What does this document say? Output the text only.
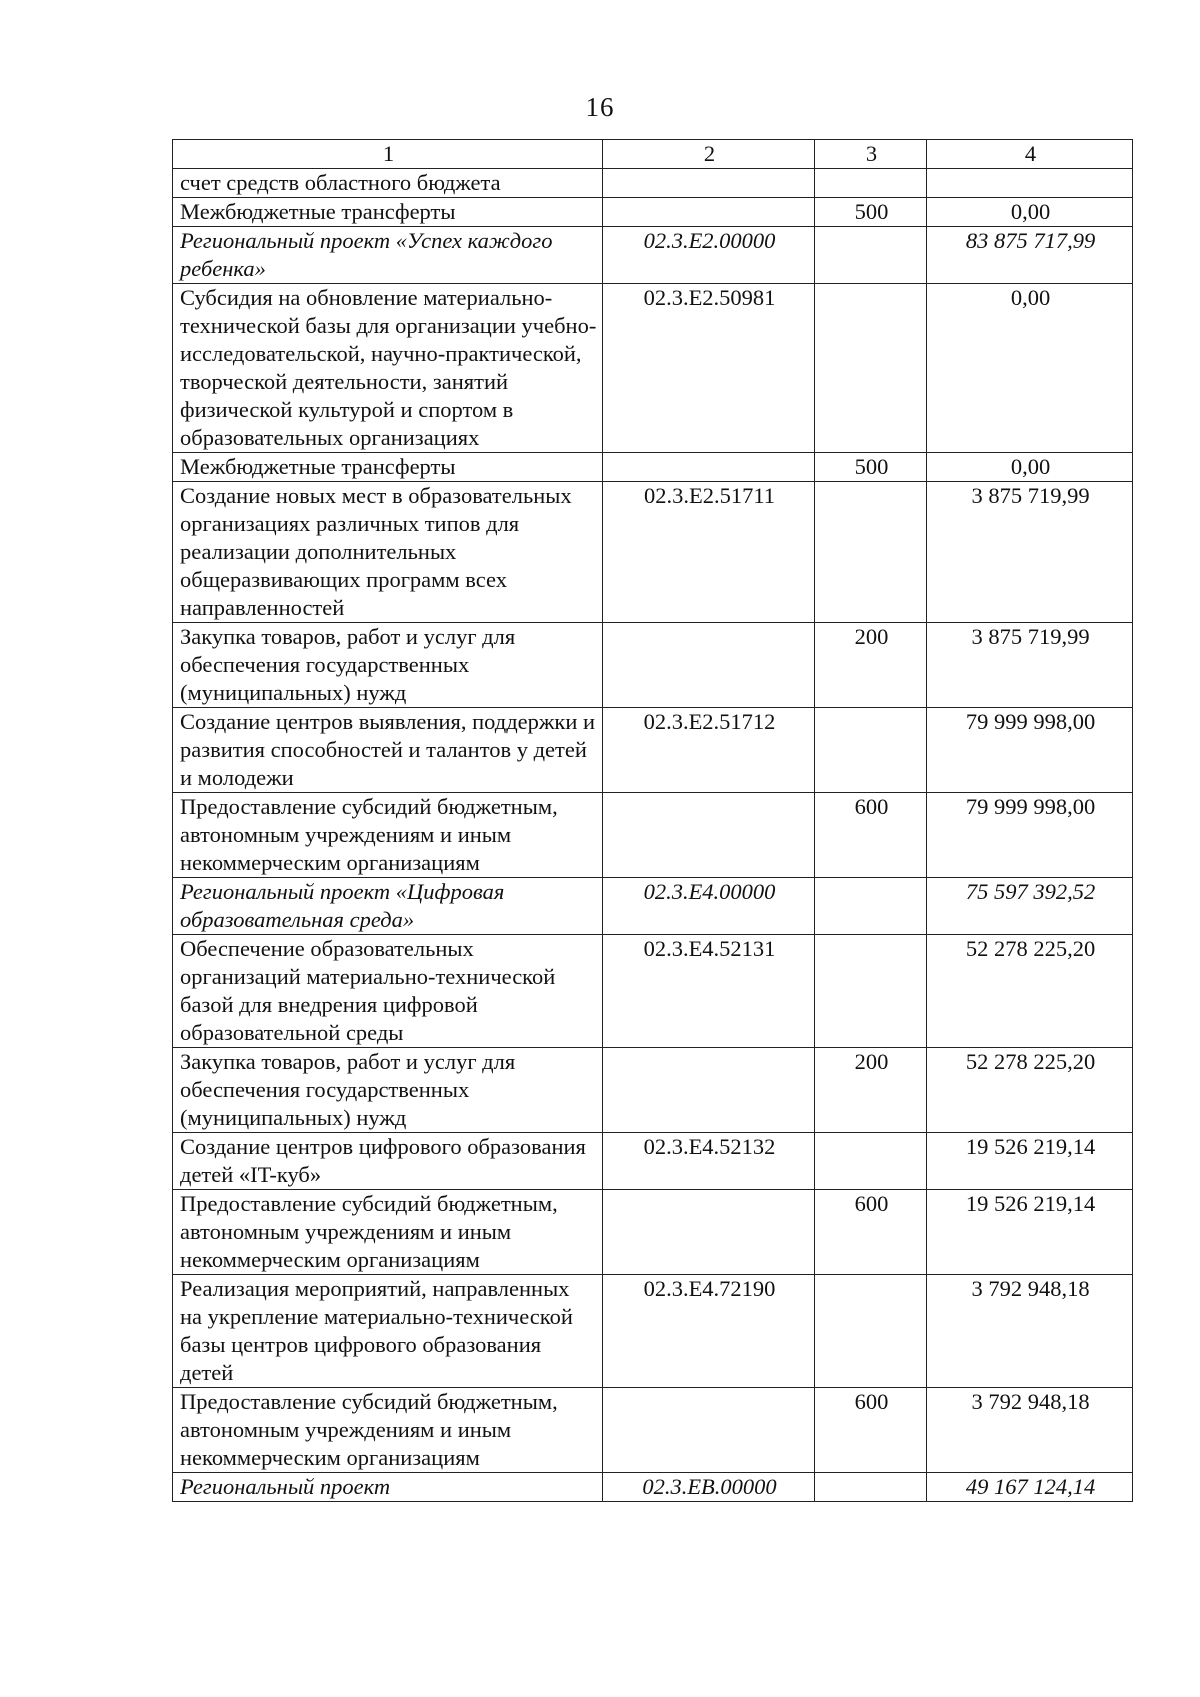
16
1	2	3	4
счет средств областного бюджета			
Межбюджетные трансферты		500	0,00
Региональный проект «Успех каждого ребенка»	02.3.Е2.00000		83 875 717,99
Субсидия на обновление материально-технической базы для организации учебно-исследовательской, научно-практической, творческой деятельности, занятий физической культурой и спортом в образовательных организациях	02.3.Е2.50981		0,00
Межбюджетные трансферты		500	0,00
Создание новых мест в образовательных организациях различных типов для реализации дополнительных общеразвивающих программ всех направленностей	02.3.Е2.51711		3 875 719,99
Закупка товаров, работ и услуг для обеспечения государственных (муниципальных) нужд		200	3 875 719,99
Создание центров выявления, поддержки и развития способностей и талантов у детей и молодежи	02.3.Е2.51712		79 999 998,00
Предоставление субсидий бюджетным, автономным учреждениям и иным некоммерческим организациям		600	79 999 998,00
Региональный проект «Цифровая образовательная среда»	02.3.Е4.00000		75 597 392,52
Обеспечение образовательных организаций материально-технической базой для внедрения цифровой образовательной среды	02.3.Е4.52131		52 278 225,20
Закупка товаров, работ и услуг для обеспечения государственных (муниципальных) нужд		200	52 278 225,20
Создание центров цифрового образования детей «IT-куб»	02.3.Е4.52132		19 526 219,14
Предоставление субсидий бюджетным, автономным учреждениям и иным некоммерческим организациям		600	19 526 219,14
Реализация мероприятий, направленных на укрепление материально-технической базы центров цифрового образования детей	02.3.Е4.72190		3 792 948,18
Предоставление субсидий бюджетным, автономным учреждениям и иным некоммерческим организациям		600	3 792 948,18
Региональный проект	02.3.ЕВ.00000		49 167 124,14
